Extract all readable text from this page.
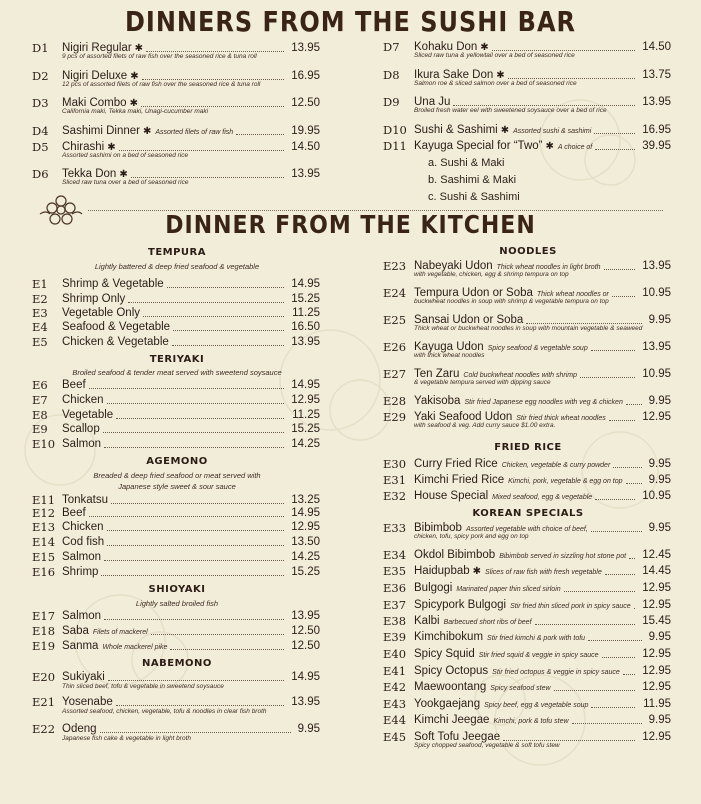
DINNERS FROM THE SUSHI BAR
D1 Nigiri Regular ✱	13.95
9 pcs of assorted filets of raw fish over the seasoned rice & tuna roll
D2 Nigiri Deluxe ✱	16.95
12 pcs of assorted filets of raw fish over the seasoned rice & tuna roll
D3 Maki Combo ✱	12.50
California maki, Tekka maki, Unagi-cucumber maki
D4 Sashimi Dinner ✱ Assorted filets of raw fish	19.95
D5 Chirashi ✱	14.50
Assorted sashimi on a bed of seasoned rice
D6 Tekka Don ✱	13.95
Sliced raw tuna over a bed of seasoned rice
D7 Kohaku Don ✱	14.50
Sliced raw tuna & yellowtail over a bed of seasoned rice
D8 Ikura Sake Don ✱	13.75
Salmon roe & sliced salmon over a bed of seasoned rice
D9 Una Ju	13.95
Broiled fresh water eel with sweetened soysauce over a bed of rice
D10 Sushi & Sashimi ✱ Assorted sushi & sashimi	16.95
D11 Kayuga Special for “Two” ✱ A choice of	39.95
a. Sushi & Maki
b. Sashimi & Maki
c. Sushi & Sashimi
DINNER FROM THE KITCHEN
TEMPURA
Lightly battered & deep fried seafood & vegetable
E1 Shrimp & Vegetable	14.95
E2 Shrimp Only	15.25
E3 Vegetable Only	11.25
E4 Seafood & Vegetable	16.50
E5 Chicken & Vegetable	13.95
TERIYAKI
Broiled seafood & tender meat served with sweetend soysauce
E6 Beef	14.95
E7 Chicken	12.95
E8 Vegetable	11.25
E9 Scallop	15.25
E10 Salmon	14.25
AGEMONO
Breaded & deep fried seafood or meat served with
Japanese style sweet & sour sauce
E11 Tonkatsu	13.25
E12 Beef	14.95
E13 Chicken	12.95
E14 Cod fish	13.50
E15 Salmon	14.25
E16 Shrimp	15.25
SHIOYAKI
Lightly salted broiled fish
E17 Salmon	13.95
E18 Saba Filets of mackerel	12.50
E19 Sanma Whole mackerel pike	12.50
NABEMONO
E20 Sukiyaki	14.95
Thin sliced beef, tofu & vegetable in sweetend soysauce
E21 Yosenabe	13.95
Assorted seafood, chicken, vegetable, tofu & noodles in clear fish broth
E22 Odeng	9.95
Japanese fish cake & vegetable in light broth
NOODLES
E23 Nabeyaki Udon Thick wheat noodles in light broth	13.95
with vegetable, chicken, egg & shrimp tempura on top
E24 Tempura Udon or Soba Thick wheat noodles or	10.95
buckwheat noodles in soup with shrimp & vegetable tempura on top
E25 Sansai Udon or Soba	9.95
Thick wheat or buckwheat noodles in soup with mountain vegetable & seaweed
E26 Kayuga Udon Spicy seafood & vegetable soup	13.95
with thick wheat noodles
E27 Ten Zaru Cold buckwheat noodles with shrimp	10.95
& vegetable tempura served with dipping sauce
E28 Yakisoba Stir fried Japanese egg noodles with veg & chicken	9.95
E29 Yaki Seafood Udon Stir fried thick wheat noodles	12.95
with seafood & veg. Add curry sauce $1.00 extra.
FRIED RICE
E30 Curry Fried Rice Chicken, vegetable & curry powder	9.95
E31 Kimchi Fried Rice Kimchi, pork, vegetable & egg on top	9.95
E32 House Special Mixed seafood, egg & vegetable	10.95
KOREAN SPECIALS
E33 Bibimbob Assorted vegetable with choice of beef,	9.95
chicken, tofu, spicy pork and egg on top
E34 Okdol Bibimbob Bibimbob served in sizzling hot stone pot	12.45
E35 Haidupbab ✱ Slices of raw fish with fresh vegetable	14.45
E36 Bulgogi Marinated paper thin sliced sirloin	12.95
E37 Spicypork Bulgogi Stir fried thin sliced pork in spicy sauce	12.95
E38 Kalbi Barbecued short ribs of beef	15.45
E39 Kimchibokum Stir fried kimchi & pork with tofu	9.95
E40 Spicy Squid Stir fried squid & veggie in spicy sauce	12.95
E41 Spicy Octopus Stir fried octopus & veggie in spicy sauce	12.95
E42 Maewoontang Spicy seafood stew	12.95
E43 Yookgaejang Spicy beef, egg & vegetable soup	11.95
E44 Kimchi Jeegae Kimchi, pork & tofu stew	9.95
E45 Soft Tofu Jeegae	12.95
Spicy chopped seafood, vegetable & soft tofu stew
